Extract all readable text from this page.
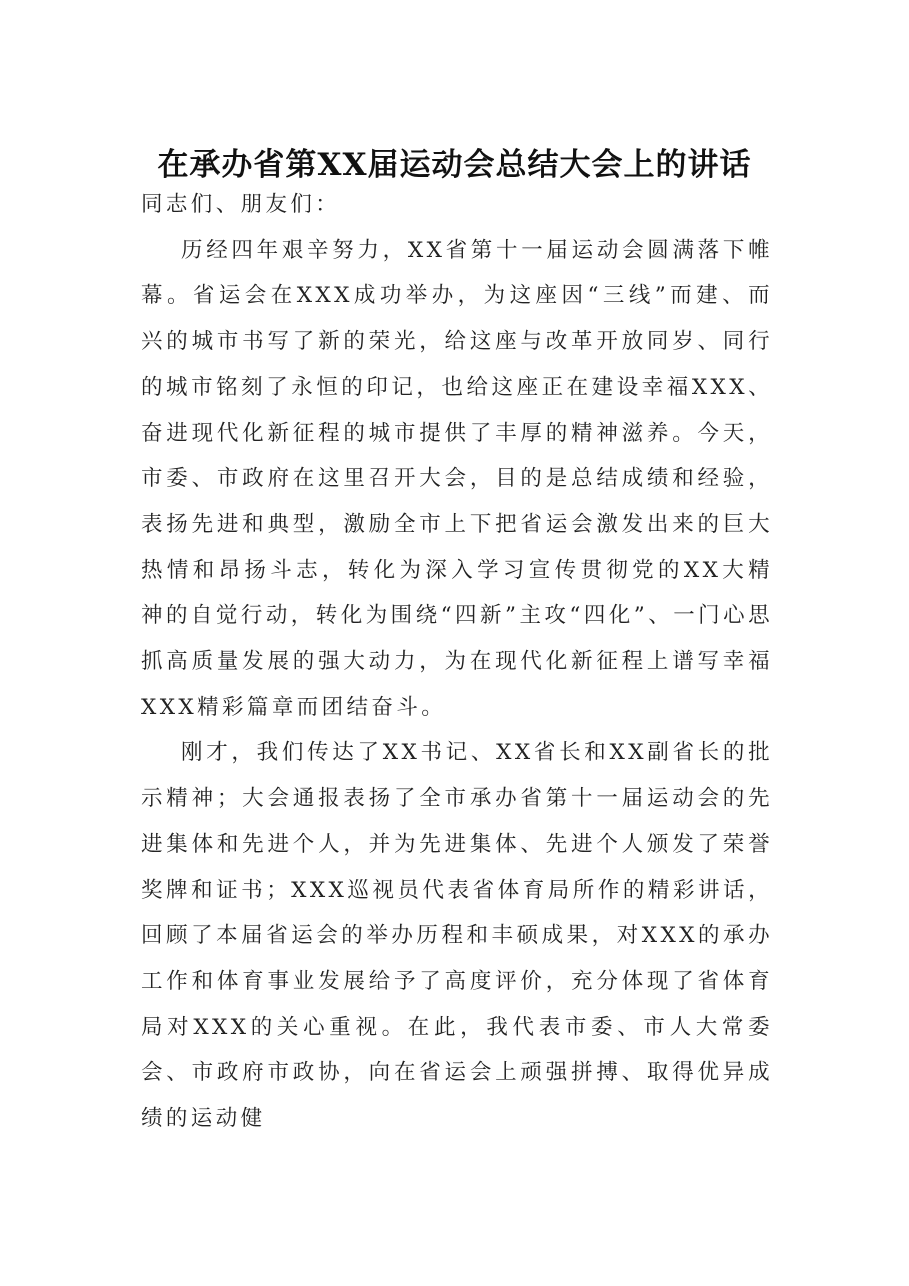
在承办省第XX届运动会总结大会上的讲话

同志们、朋友们：

历经四年艰辛努力，XX省第十一届运动会圆满落下帷幕。省运会在XXX成功举办，为这座因“三线”而建、而兴的城市书写了新的荣光，给这座与改革开放同岁、同行的城市铭刻了永恒的印记，也给这座正在建设幸福XXX、奋进现代化新征程的城市提供了丰厚的精神滋养。今天，市委、市政府在这里召开大会，目的是总结成绩和经验，表扬先进和典型，激励全市上下把省运会激发出来的巨大热情和昂扬斗志，转化为深入学习宣传贯彻党的XX大精神的自觉行动，转化为围绕“四新”主攻“四化”、一门心思抓高质量发展的强大动力，为在现代化新征程上谱写幸福XXX精彩篇章而团结奋斗。

刚才，我们传达了XX书记、XX省长和XX副省长的批示精神；大会通报表扬了全市承办省第十一届运动会的先进集体和先进个人，并为先进集体、先进个人颁发了荣誉奖牌和证书；XXX巡视员代表省体育局所作的精彩讲话，回顾了本届省运会的举办历程和丰硕成果，对XXX的承办工作和体育事业发展给予了高度评价，充分体现了省体育局对XXX的关心重视。在此，我代表市委、市人大常委会、市政府市政协，向在省运会上顽强拼搏、取得优异成绩的运动健
